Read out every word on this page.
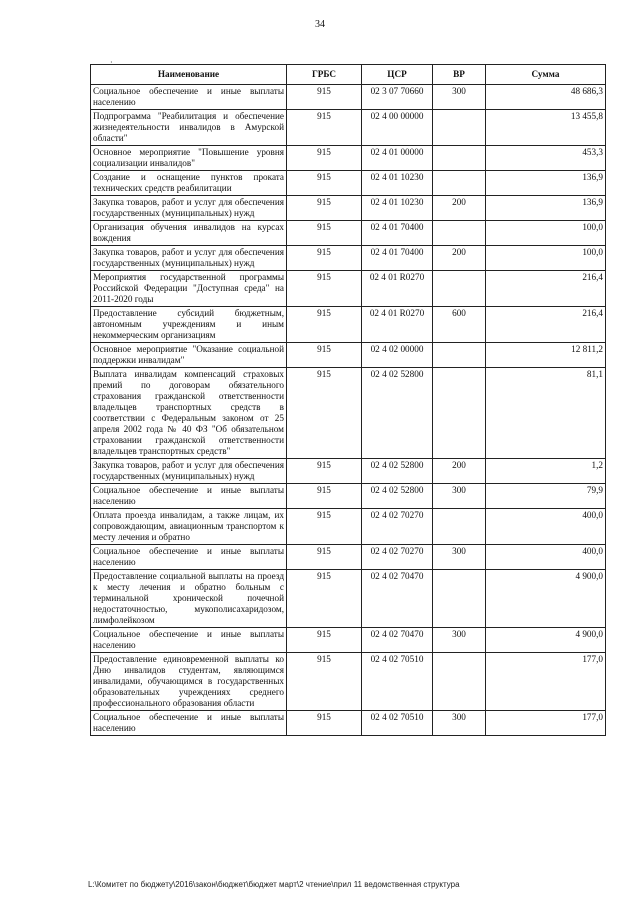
34
·
Наименование	ГРБС	ЦСР	ВР	Сумма
Социальное обеспечение и иные выплаты населению	915	02 3 07 70660	300	48 686,3
Подпрограмма "Реабилитация и обеспечение жизнедеятельности инвалидов в Амурской области"	915	02 4 00 00000		13 455,8
Основное мероприятие "Повышение уровня социализации инвалидов"	915	02 4 01 00000		453,3
Создание и оснащение пунктов проката технических средств реабилитации	915	02 4 01 10230		136,9
Закупка товаров, работ и услуг для обеспечения государственных (муниципальных) нужд	915	02 4 01 10230	200	136,9
Организация обучения инвалидов на курсах вождения	915	02 4 01 70400		100,0
Закупка товаров, работ и услуг для обеспечения государственных (муниципальных) нужд	915	02 4 01 70400	200	100,0
Мероприятия государственной программы Российской Федерации "Доступная среда" на 2011-2020 годы	915	02 4 01 R0270		216,4
Предоставление субсидий бюджетным, автономным учреждениям и иным некоммерческим организациям	915	02 4 01 R0270	600	216,4
Основное мероприятие "Оказание социальной поддержки инвалидам"	915	02 4 02 00000		12 811,2
Выплата инвалидам компенсаций страховых премий по договорам обязательного страхования гражданской ответственности владельцев транспортных средств в соответствии с Федеральным законом от 25 апреля 2002 года № 40 ФЗ "Об обязательном страховании гражданской ответственности владельцев транспортных средств"	915	02 4 02 52800		81,1
Закупка товаров, работ и услуг для обеспечения государственных (муниципальных) нужд	915	02 4 02 52800	200	1,2
Социальное обеспечение и иные выплаты населению	915	02 4 02 52800	300	79,9
Оплата проезда инвалидам, а также лицам, их сопровождающим, авиационным транспортом к месту лечения и обратно	915	02 4 02 70270		400,0
Социальное обеспечение и иные выплаты населению	915	02 4 02 70270	300	400,0
Предоставление социальной выплаты на проезд к месту лечения и обратно больным с терминальной хронической почечной недостаточностью, мукополисахаридозом, лимфолейкозом	915	02 4 02 70470		4 900,0
Социальное обеспечение и иные выплаты населению	915	02 4 02 70470	300	4 900,0
Предоставление единовременной выплаты ко Дню инвалидов студентам, являющимся инвалидами, обучающимся в государственных образовательных учреждениях среднего профессионального образования области	915	02 4 02 70510		177,0
Социальное обеспечение и иные выплаты населению	915	02 4 02 70510	300	177,0
L:\Комитет по бюджету\2016\закон\бюджет\бюджет март\2 чтение\прил 11 ведомственная структура
